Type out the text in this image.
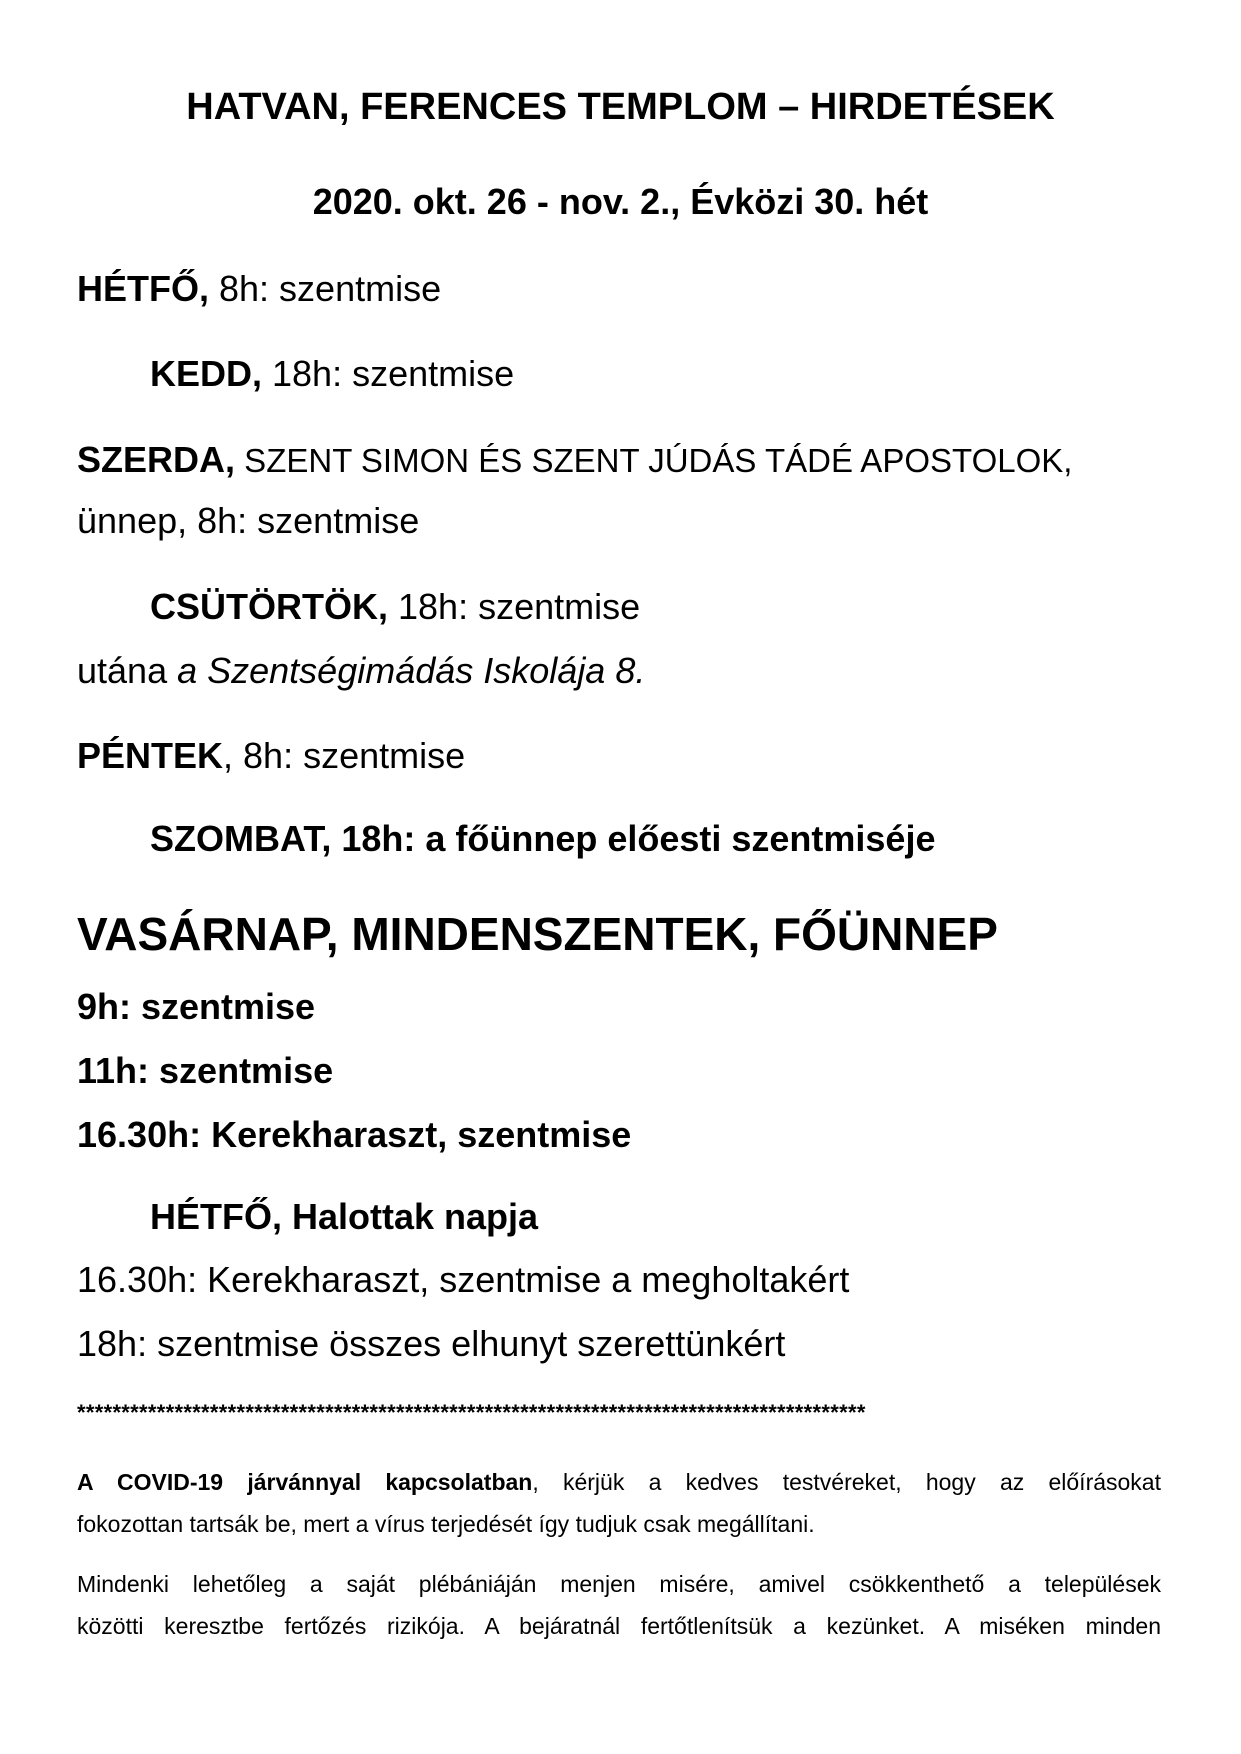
HATVAN, FERENCES TEMPLOM – HIRDETÉSEK
2020. okt. 26 - nov. 2., Évközi 30. hét
HÉTFŐ, 8h: szentmise
KEDD, 18h: szentmise
SZERDA, SZENT SIMON ÉS SZENT JÚDÁS TÁDÉ APOSTOLOK,
ünnep, 8h: szentmise
CSÜTÖRTÖK, 18h: szentmise
utána a Szentségimádás Iskolája 8.
PÉNTEK, 8h: szentmise
SZOMBAT, 18h: a főünnep előesti szentmiséje
VASÁRNAP, MINDENSZENTEK, FŐÜNNEP
9h: szentmise
11h: szentmise
16.30h: Kerekharaszt, szentmise
HÉTFŐ, Halottak napja
16.30h: Kerekharaszt, szentmise a megholtakért
18h: szentmise összes elhunyt szerettünkért
*****************************************************************************************
A COVID-19 járvánnyal kapcsolatban, kérjük a kedves testvéreket, hogy az előírásokat
fokozottan tartsák be, mert a vírus terjedését így tudjuk csak megállítani.
Mindenki lehetőleg a saját plébániáján menjen misére, amivel csökkenthető a települések
közötti keresztbe fertőzés rizikója. A bejáratnál fertőtlenítsük a kezünket. A miséken minden
